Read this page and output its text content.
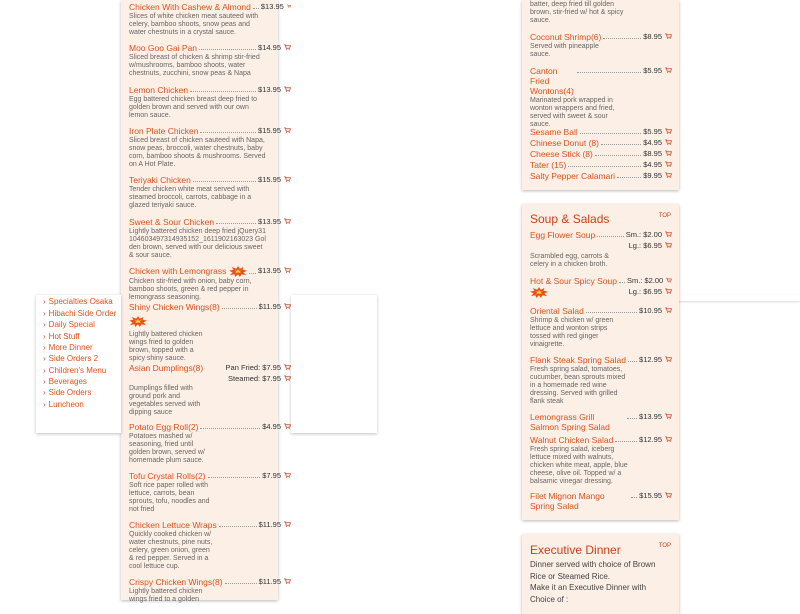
Chicken With Cashew & Almond $13.95
Slices of white chicken meat sauteed with celery, bamboo shoots, snow peas and water chestnuts in a crystal sauce.
Moo Goo Gai Pan	$14.95
Sliced breast of chicken & shrimp stir-fried w/mushrooms, bamboo shoots, water chestnuts, zucchini, snow peas & Napa
Lemon Chicken	$13.95
Egg battered chicken breast deep fried to golden brown and served with our own lemon sauce.
Iron Plate Chicken	$15.95
Sliced breast of chicken sauteed with Napa, snow peas, broccoli, water chestnuts, baby corn, bamboo shoots & mushrooms. Served on A Hot Plate.
Teriyaki Chicken	$15.95
Tender chicken white meat served with steamed broccoli, carrots, cabbage in a glazed teriyaki sauce.
Sweet & Sour Chicken	$13.95
Lightly battered chicken deep fried jQuery31104603497314935152_1611902163023 Golden brown, served with our delicious sweet & sour sauce.
Chicken with Lemongrass	$13.95
Chicken stir-fried with onion, baby corn, bamboo shoots, green & red pepper in lemongrass seasoning.
Shiny Chicken Wings(8)	$11.95
Lightly battered chicken wings fried to golden brown, topped with a spicy shiny sauce.
Asian Dumplings(8)	Pan Fried: $7.95
Steamed: $7.95
Dumplings filled with ground pork and vegetables served with dipping sauce
Potato Egg Roll(2)	$4.95
Potatoes mashed w/ seasoning, fried until golden brown, served w/ homemade plum sauce.
Tofu Crystal Rolls(2)	$7.95
Soft rice paper rolled with lettuce, carrots, bean sprouts, tofu, noodles and not fried
Chicken Lettuce Wraps	$11.95
Quickly cooked chicken w/ water chestnuts, pine nuts, celery, green onion, green & red pepper. Served in a cool lettuce cup.
Crispy Chicken Wings(8)	$11.95
Lightly battered chicken wings fried to a golden
› Specialties Osaka
› Hibachi Side Order
› Daily Special
› Hot Stuff
› More Dinner
› Side Orders 2
› Children's Menu
› Beverages
› Side Orders
› Luncheon
batter, deep fried till golden brown, stir-fried w/ hot & spicy sauce.
Coconut Shrimp(6)	$8.95
Served with pineapple sauce.
Canton Fried Wontons(4)
$5.95
Marinated pork wrapped in wonton wrappers and fried, served with sweet & sour sauce.
Sesame Ball	$5.95
Chinese Donut (8)	$4.95
Cheese Stick (8)	$8.95
Tater (15)	$4.95
Salty Pepper Calamari	$9.95
Soup & Salads	TOP
Egg Flower Soup	Sm.: $2.00
Lg.: $6.95
Scrambled egg, carrots & celery in a chicken broth.
Hot & Sour Spicy Soup Sm.: $2.00
Lg.: $6.95
Oriental Salad	$10.95
Shrimp & chicken w/ green lettuce and wonton strips tossed with red ginger vinaigrette.
Flank Steak Spring Salad $12.95
Fresh spring salad, tomatoes, cucumber, bean sprouts mixed in a homemade red wine dressing. Served with grilled flank steak
Lemongrass Grill Salmon Spring Salad
$13.95
Walnut Chicken Salad	$12.95
Fresh spring salad, iceberg lettuce mixed with walnuts, chicken white meat, apple, blue cheese, olive oil. Topped w/ a balsamic vinegar dressing.
Filet Mignon Mango Spring Salad
$15.95
Executive Dinner	TOP
Dinner served with choice of Brown Rice or Steamed Rice.
Make it an Executive Dinner with Choice of :
